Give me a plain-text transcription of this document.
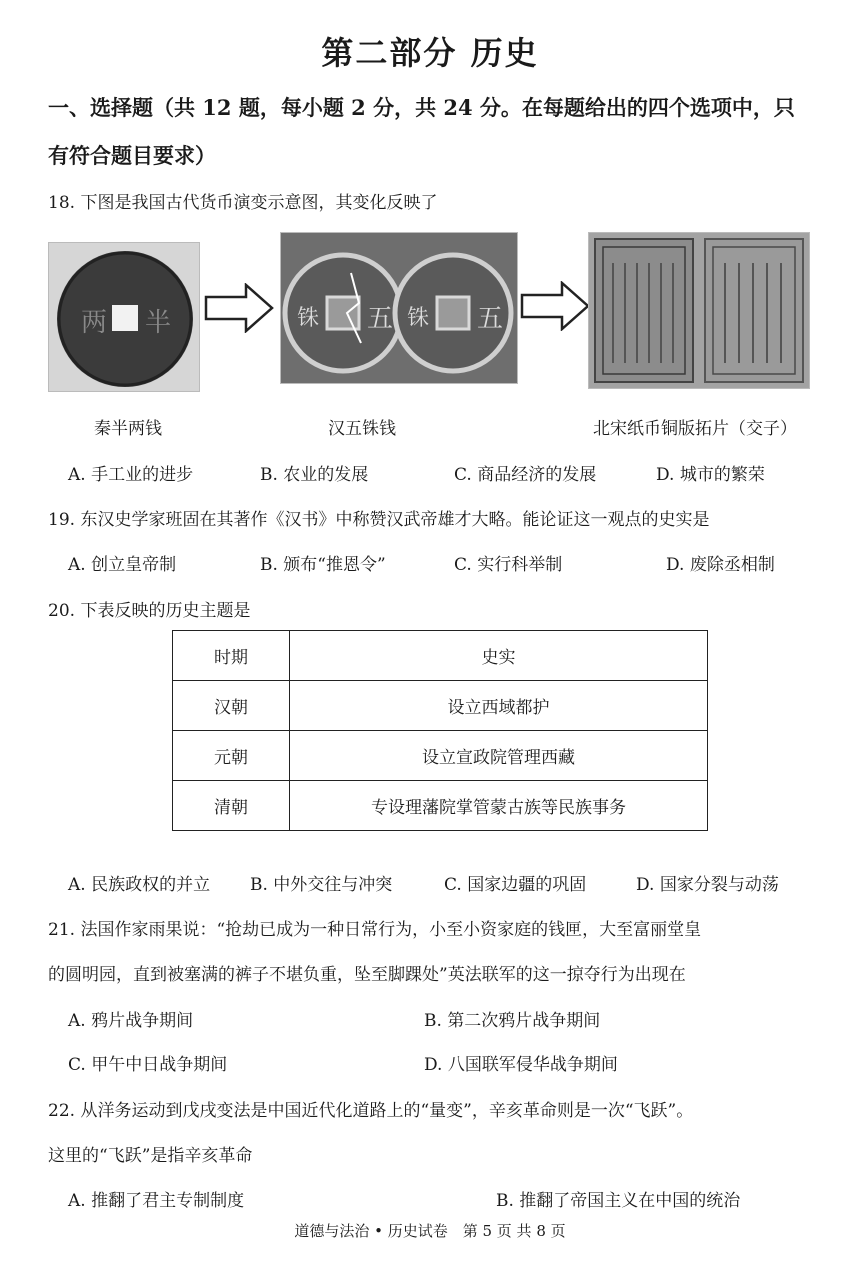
第二部分 历史
一、选择题（共 12 题，每小题 2 分，共 24 分。在每题给出的四个选项中，只
有符合题目要求）
18. 下图是我国古代货币演变示意图，其变化反映了
两 半	铢 五 铢 五
秦半两钱	汉五铢钱	北宋纸币铜版拓片（交子）
A. 手工业的进步	B. 农业的发展	C. 商品经济的发展	D. 城市的繁荣
19. 东汉史学家班固在其著作《汉书》中称赞汉武帝雄才大略。能论证这一观点的史实是
A. 创立皇帝制	B. 颁布“推恩令”	C. 实行科举制	D. 废除丞相制
20. 下表反映的历史主题是
时期	史实
汉朝	设立西域都护
元朝	设立宣政院管理西藏
清朝	专设理藩院掌管蒙古族等民族事务
A. 民族政权的并立 B. 中外交往与冲突	C. 国家边疆的巩固	D. 国家分裂与动荡
21. 法国作家雨果说：“抢劫已成为一种日常行为，小至小资家庭的钱匣，大至富丽堂皇
的圆明园，直到被塞满的裤子不堪负重，坠至脚踝处”英法联军的这一掠夺行为出现在
A. 鸦片战争期间	B. 第二次鸦片战争期间
C. 甲午中日战争期间	D. 八国联军侵华战争期间
22. 从洋务运动到戊戌变法是中国近代化道路上的“量变”，辛亥革命则是一次“飞跃”。
这里的“飞跃”是指辛亥革命
A. 推翻了君主专制制度	B. 推翻了帝国主义在中国的统治
道德与法治 • 历史试卷　第 5 页 共 8 页
